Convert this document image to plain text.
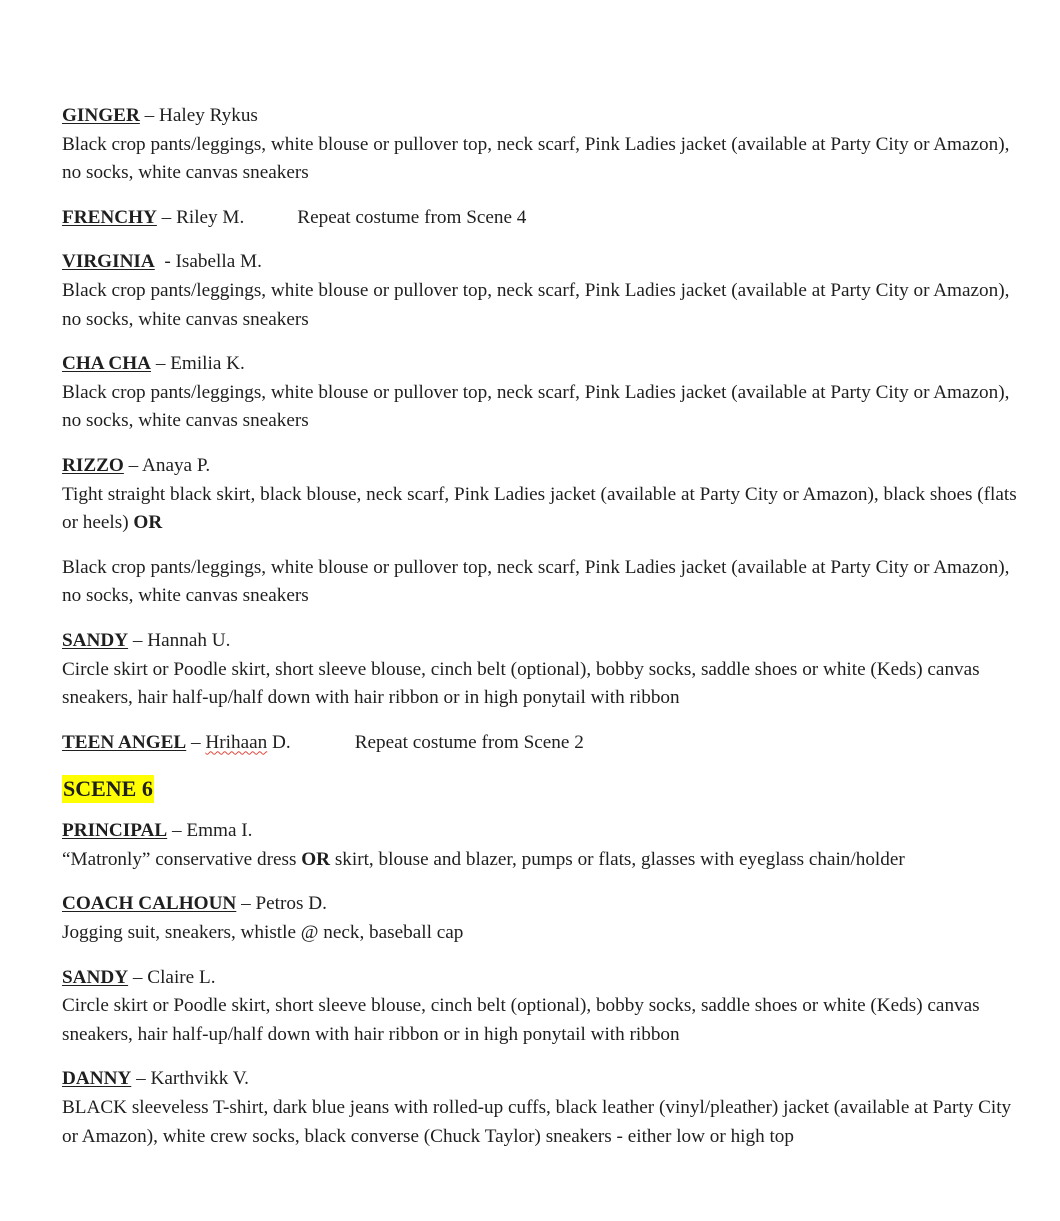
GINGER – Haley Rykus

Black crop pants/leggings, white blouse or pullover top, neck scarf, Pink Ladies jacket (available at Party City or Amazon), no socks, white canvas sneakers

FRENCHY – Riley M.	Repeat costume from Scene 4

VIRGINIA  - Isabella M.

Black crop pants/leggings, white blouse or pullover top, neck scarf, Pink Ladies jacket (available at Party City or Amazon), no socks, white canvas sneakers

CHA CHA – Emilia K.

Black crop pants/leggings, white blouse or pullover top, neck scarf, Pink Ladies jacket (available at Party City or Amazon), no socks, white canvas sneakers

RIZZO – Anaya P.

Tight straight black skirt, black blouse, neck scarf, Pink Ladies jacket (available at Party City or Amazon), black shoes (flats or heels) OR

Black crop pants/leggings, white blouse or pullover top, neck scarf, Pink Ladies jacket (available at Party City or Amazon), no socks, white canvas sneakers

SANDY – Hannah U.

Circle skirt or Poodle skirt, short sleeve blouse, cinch belt (optional), bobby socks, saddle shoes or white (Keds) canvas sneakers, hair half-up/half down with hair ribbon or in high ponytail with ribbon

TEEN ANGEL – Hrihaan D.	Repeat costume from Scene 2

SCENE 6

PRINCIPAL – Emma I.

“Matronly” conservative dress OR skirt, blouse and blazer, pumps or flats, glasses with eyeglass chain/holder

COACH CALHOUN – Petros D.

Jogging suit, sneakers, whistle @ neck, baseball cap

SANDY – Claire L.

Circle skirt or Poodle skirt, short sleeve blouse, cinch belt (optional), bobby socks, saddle shoes or white (Keds) canvas sneakers, hair half-up/half down with hair ribbon or in high ponytail with ribbon

DANNY – Karthvikk V.

BLACK sleeveless T-shirt, dark blue jeans with rolled-up cuffs, black leather (vinyl/pleather) jacket (available at Party City or Amazon), white crew socks, black converse (Chuck Taylor) sneakers - either low or high top
